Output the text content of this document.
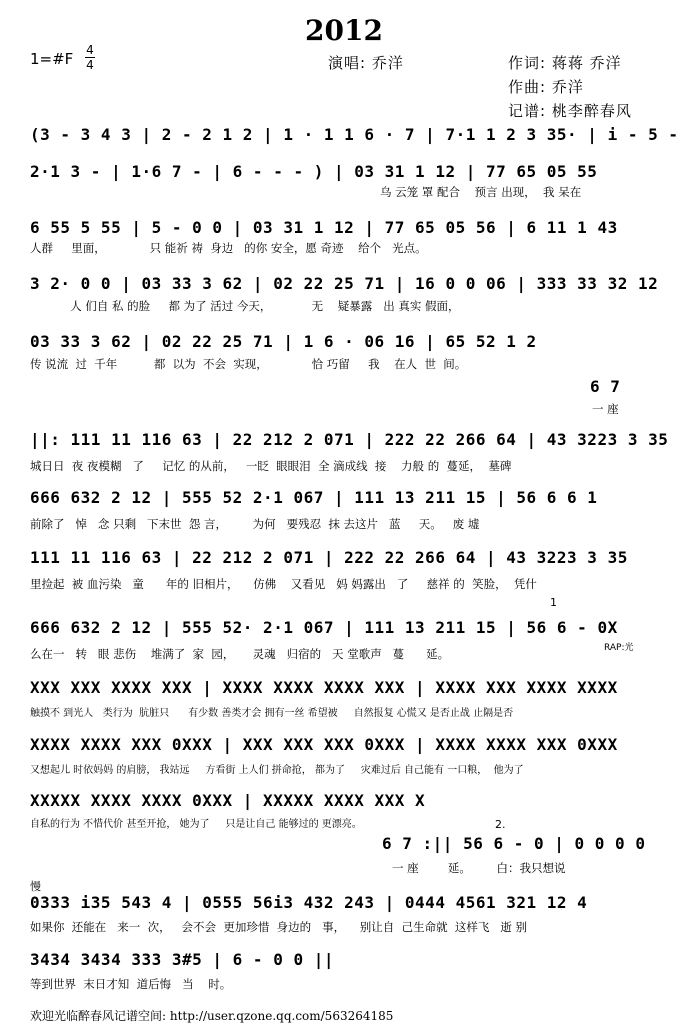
2012
1=#F 4
4	演唱: 乔洋	作词: 蒋蒋 乔洋
作曲: 乔洋
记谱: 桃李醉春风
(3 - 3 4 3 | 2 - 2 1 2 | 1 · 1 1 6 · 7 | 7·1 1 2 3 35· | i - 5 -
2·1 3 - | 1·6 7 - | 6 - - - ) | 03 31 1 12 | 77 65 05 55
乌 云笼 罩 配合    预言 出现，  我 呆在
6 55 5 55 | 5 - 0 0 | 03 31 1 12 | 77 65 05 56 | 6 11 1 43
人群     里面，            只 能祈 祷  身边   的你 安全，愿 奇迹    给个   光点。
3 2· 0 0 | 03 33 3 62 | 02 22 25 71 | 16 0 0 06 | 333 33 32 12
人 们自 私 的脸     都 为了 活过 今天，           无    疑暴露   出 真实 假面，
03 33 3 62 | 02 22 25 71 | 1 6 · 06 16 | 65 52 1 2
传 说流  过  千年          都  以为  不会  实现，            恰 巧留     我    在人  世  间。
6 7
一 座
||: 111 11 116 63 | 22 212 2 071 | 222 22 266 64 | 43 3223 3 35
城日日  夜 夜模糊   了     记忆 的从前，   一眨  眼眼泪  全 滴成线  接    力般 的  蔓延，  墓碑
666 632 2 12 | 555 52 2·1 067 | 111 13 211 15 | 56 6 6 1
前除了   悼   念 只剩   下末世  怨 言，       为何   要残忍  抹 去这片   蓝     天。   废 墟
111 11 116 63 | 22 212 2 071 | 222 22 266 64 | 43 3223 3 35
里捡起  被 血污染   童      年的 旧相片，    仿佛    又看见   妈 妈露出   了     慈祥 的  笑脸，  凭什
666 632 2 12 | 555 52· 2·1 067 | 111 13 211 15 | 56 6 - 0X
么在一   转   眼 悲伤    堆满了  家  园，     灵魂   归宿的   天 堂歌声   蔓      延。
XXX XXX XXXX XXX | XXXX XXXX XXXX XXX | XXXX XXX XXXX XXXX
触摸不 到光人   类行为  肮脏只      有少数 善类才会 拥有一丝 希望被     自然报复 心慌又 是否止战 止隔是否
XXXX XXXX XXX 0XXX | XXX XXX XXX 0XXX | XXXX XXXX XXX 0XXX
又想起儿 时依妈妈 的肩膀， 我站远     方看街 上人们 拼命抢， 都为了     灾难过后 自己能有 一口粮，  他为了
XXXXX XXXX XXXX 0XXX | XXXXX XXXX XXX X
自私的行为 不惜代价 甚至开抢， 她为了     只是让自己 能够过的 更漂亮。
6 7 :|| 56 6 - 0 | 0 0 0 0
一 座        延。       白：我只想说
0333 i35 543 4 | 0555 56i3 432 243 | 0444 4561 321 12 4
如果你  还能在   来一  次，   会不会  更加珍惜  身边的   事，    别让自  己生命就  这样飞   逝 别
3434 3434 333 3#5 | 6 - 0 0 ||
等到世界  末日才知  道后悔   当    时。
RAP:光
慢
2.
1
欢迎光临醉春风记谱空间: http://user.qzone.qq.com/563264185
